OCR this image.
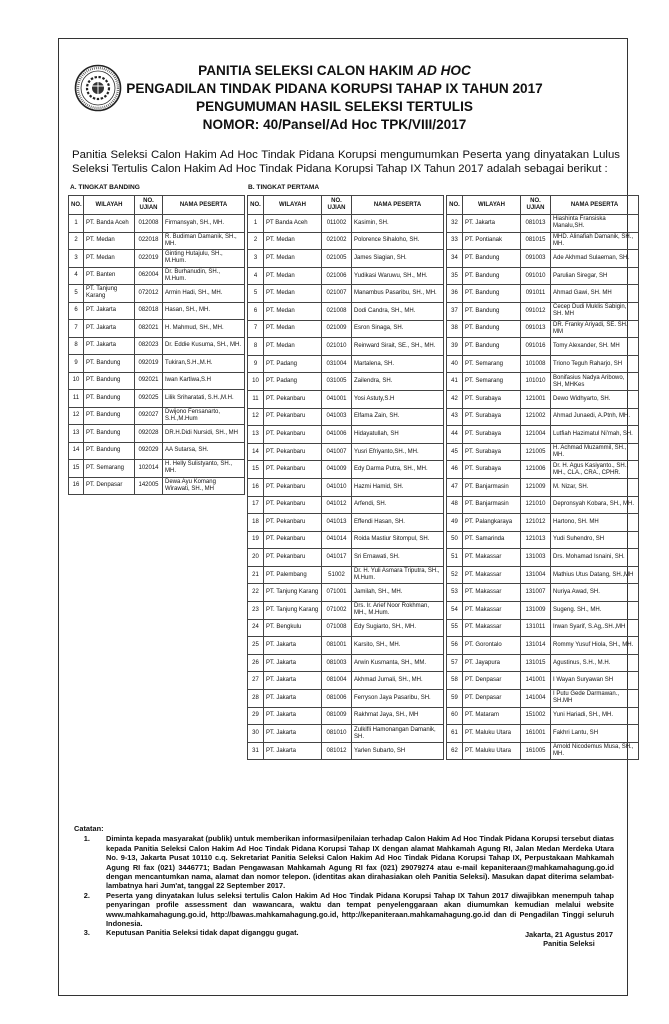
PANITIA SELEKSI CALON HAKIM AD HOC
PENGADILAN TINDAK PIDANA KORUPSI TAHAP IX TAHUN 2017
PENGUMUMAN HASIL SELEKSI TERTULIS
NOMOR: 40/Pansel/Ad Hoc TPK/VIII/2017
Panitia Seleksi Calon Hakim Ad Hoc Tindak Pidana Korupsi mengumumkan Peserta yang dinyatakan Lulus Seleksi Tertulis Calon Hakim Ad Hoc Tindak Pidana Korupsi Tahap IX Tahun 2017 adalah sebagai berikut :
A. TINGKAT BANDING	B. TINGKAT PERTAMA
NO.	WILAYAH	NO. UJIAN	NAMA PESERTA
1	PT. Banda Aceh	012008	Firmansyah, SH., MH.
2	PT. Medan	022018	R. Budiman Damanik, SH., MH.
3	PT. Medan	022019	Ginting Hutajulu, SH., M.Hum.
4	PT. Banten	062004	Dr. Burhanudin, SH., M.Hum.
5	PT. Tanjung Karang	072012	Armin Hadi, SH., MH.
6	PT. Jakarta	082018	Hasan, SH., MH.
7	PT. Jakarta	082021	H. Mahmud, SH., MH.
8	PT. Jakarta	082023	Dr. Eddie Kusuma, SH., MH.
9	PT. Bandung	092019	Tukiran,S.H.,M.H.
10	PT. Bandung	092021	Iwan Kartiwa,S.H
11	PT. Bandung	092025	Lilik Sriharatati, S.H.,M.H.
12	PT. Bandung	092027	Dwijono Fensanarto, S.H.,M.Hum
13	PT. Bandung	092028	DR.H.Didi Nursidi, SH., MH
14	PT. Bandung	092029	AA Sutarsa, SH.
15	PT. Semarang	102014	H. Helly Sulistyanto, SH., MH.
16	PT. Denpasar	142005	Dewa Ayu Komang Wirawati, SH., MH
NO.	WILAYAH	NO. UJIAN	NAMA PESERTA
1	PT Banda Aceh	011002	Kasimin, SH.
2	PT. Medan	021002	Polorence Sihaloho, SH.
3	PT. Medan	021005	James Siagian, SH.
4	PT. Medan	021006	Yudikasi Waruwu, SH., MH.
5	PT. Medan	021007	Manambus Pasaribu, SH., MH.
6	PT. Medan	021008	Dodi Candra, SH., MH.
7	PT. Medan	021009	Esron Sinaga, SH.
8	PT. Medan	021010	Reinward Sirait, SE., SH., MH.
9	PT. Padang	031004	Martalena, SH.
10	PT. Padang	031005	Zailendra, SH.
11	PT. Pekanbaru	041001	Yosi Astuty,S.H
12	PT. Pekanbaru	041003	Elfama Zain, SH.
13	PT. Pekanbaru	041006	Hidayatullah, SH
14	PT. Pekanbaru	041007	Yusri Efriyanto,SH., MH.
15	PT. Pekanbaru	041009	Edy Darma Putra, SH., MH.
16	PT. Pekanbaru	041010	Hazmi Hamid, SH.
17	PT. Pekanbaru	041012	Arfendi, SH.
18	PT. Pekanbaru	041013	Effendi Hasan, SH.
19	PT. Pekanbaru	041014	Roida Mastiur Sitompul, SH.
20	PT. Pekanbaru	041017	Sri Ernawati, SH.
21	PT. Palembang	51002	Dr. H. Yuli Asmara Triputra, SH., M.Hum.
22	PT. Tanjung Karang	071001	Jamilah, SH., MH.
23	PT. Tanjung Karang	071002	Drs. Ir. Arief Noor Rokhman, MH., M.Hum.
24	PT. Bengkulu	071008	Edy Sugiarto, SH., MH.
25	PT. Jakarta	081001	Karsito, SH., MH.
26	PT. Jakarta	081003	Arwin Kusmanta, SH., MM.
27	PT. Jakarta	081004	Akhmad Jumali, SH., MH.
28	PT. Jakarta	081006	Ferryson Jaya Pasaribu, SH.
29	PT. Jakarta	081009	Rakhmat Jaya, SH., MH
30	PT. Jakarta	081010	Zulkifli Hamonangan Damanik, SH.
31	PT. Jakarta	081012	Yarlen Subarto, SH
NO.	WILAYAH	NO. UJIAN	NAMA PESERTA
32	PT. Jakarta	081013	Hiashinta Fransiska Manalu,SH.
33	PT. Pontianak	081015	MHD. Alinafiah Damanik, SH., MH.
34	PT. Bandung	091003	Ade Akhmad Sulaeman, SH.
35	PT. Bandung	091010	Parulian Siregar, SH
36	PT. Bandung	091011	Ahmad Gawi, SH. MH
37	PT. Bandung	091012	Cecep Dudi Muklis Sabigin, SH. MH
38	PT. Bandung	091013	DR. Franky Ariyadi, SE. SH. MM
39	PT. Bandung	091016	Tomy Alexander, SH. MH
40	PT. Semarang	101008	Triono Teguh Raharjo, SH
41	PT. Semarang	101010	Bonifasius Nadya Aribowo, SH, MHKes
42	PT. Surabaya	121001	Dewo Widhyarto, SH.
43	PT. Surabaya	121002	Ahmad Junaedi, A.Ptnh, MH.
44	PT. Surabaya	121004	Lutfiah Hazimatul Ni'mah, SH.
45	PT. Surabaya	121005	H. Achmad Muzammil, SH., MH.
46	PT. Surabaya	121006	Dr. H. Agus Kasiyanto., SH., MH., CLA., CRA., CPHR.
47	PT. Banjarmasin	121009	M. Nizar, SH.
48	PT. Banjarmasin	121010	Depronsyah Kobara, SH., MH.
49	PT. Palangkaraya	121012	Hartono, SH. MH
50	PT. Samarinda	121013	Yudi Suhendro, SH
51	PT. Makassar	131003	Drs. Mohamad Isnaini, SH.
52	PT. Makassar	131004	Mathius Utus Datang, SH.,MH
53	PT. Makassar	131007	Nuriya Awad, SH.
54	PT. Makassar	131009	Sugeng. SH., MH.
55	PT. Makassar	131011	Irwan Syarif, S.Ag,.SH.,MH
56	PT. Gorontalo	131014	Rommy Yusuf Hiola, SH., MH.
57	PT. Jayapura	131015	Agustinus, S.H., M.H.
58	PT. Denpasar	141001	I Wayan Suryawan SH
59	PT. Denpasar	141004	I Putu Gede Darmawan., SH.MH
60	PT. Mataram	151002	Yuni Hariadi, SH., MH.
61	PT. Maluku Utara	161001	Fakhri Lantu, SH
62	PT. Maluku Utara	161005	Arnold Nicodemus Musa, SH., MH.
Catatan:
1. Diminta kepada masyarakat (publik) untuk memberikan informasi/penilaian terhadap Calon Hakim Ad Hoc Tindak Pidana Korupsi tersebut diatas kepada Panitia Seleksi Calon Hakim Ad Hoc Tindak Pidana Korupsi Tahap IX dengan alamat Mahkamah Agung RI, Jalan Medan Merdeka Utara No. 9-13, Jakarta Pusat 10110 c.q. Sekretariat Panitia Seleksi Calon Hakim Ad Hoc Tindak Pidana Korupsi Tahap IX, Perpustakaan Mahkamah Agung RI fax (021) 3446771; Badan Pengawasan Mahkamah Agung RI fax (021) 29079274 atau e-mail kepaniteraan@mahkamahagung.go.id dengan mencantumkan nama, alamat dan nomor telepon. (identitas akan dirahasiakan oleh Panitia Seleksi). Masukan dapat diterima selambat-lambatnya hari Jum'at, tanggal 22 September 2017.
2. Peserta yang dinyatakan lulus seleksi tertulis Calon Hakim Ad Hoc Tindak Pidana Korupsi Tahap IX Tahun 2017 diwajibkan menempuh tahap penyaringan profile assessment dan wawancara, waktu dan tempat penyelenggaraan akan diumumkan kemudian melalui website www.mahkamahagung.go.id, http://bawas.mahkamahagung.go.id, http://kepaniteraan.mahkamahagung.go.id dan di Pengadilan Tinggi seluruh Indonesia.
3. Keputusan Panitia Seleksi tidak dapat diganggu gugat.	Jakarta, 21 Agustus 2017
Panitia Seleksi
